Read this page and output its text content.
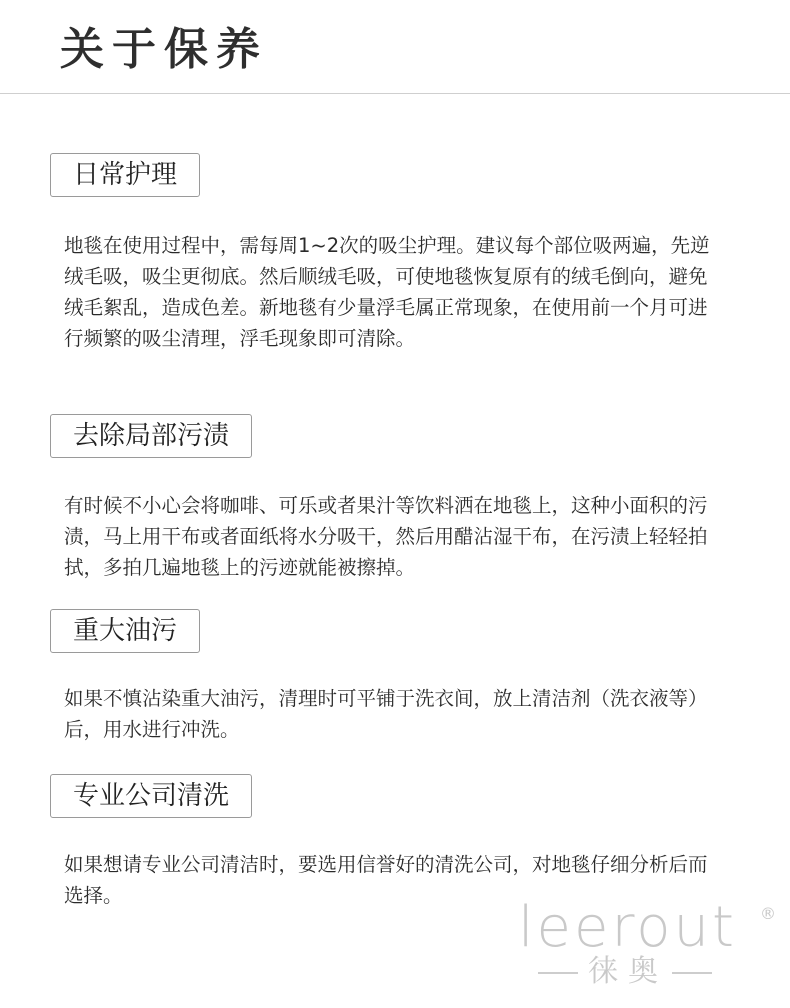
关于保养
日常护理

地毯在使用过程中，需每周1~2次的吸尘护理。建议每个部位吸两遍，先逆绒毛吸，吸尘更彻底。然后顺绒毛吸，可使地毯恢复原有的绒毛倒向，避免绒毛絮乱，造成色差。新地毯有少量浮毛属正常现象，在使用前一个月可进行频繁的吸尘清理，浮毛现象即可清除。

去除局部污渍

有时候不小心会将咖啡、可乐或者果汁等饮料洒在地毯上，这种小面积的污渍，马上用干布或者面纸将水分吸干，然后用醋沾湿干布，在污渍上轻轻拍拭，多拍几遍地毯上的污迹就能被擦掉。

重大油污

如果不慎沾染重大油污，清理时可平铺于洗衣间，放上清洁剂（洗衣液等）后，用水进行冲洗。

专业公司清洗

如果想请专业公司清洁时，要选用信誉好的清洗公司，对地毯仔细分析后而选择。	leerout ®
徕奥
